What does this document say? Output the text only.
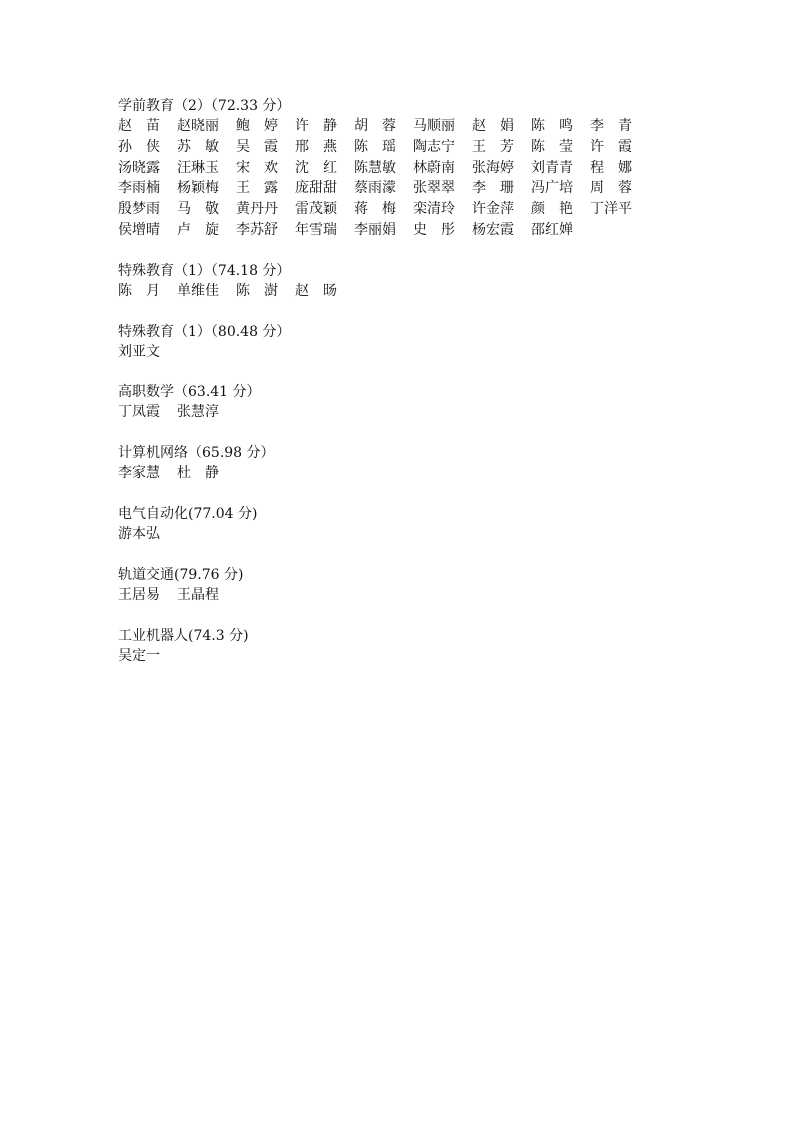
学前教育（2）（72.33 分）
赵　苗	赵晓丽	鲍　婷	许　静	胡　蓉	马顺丽	赵　娟	陈　鸣	李　青
孙　侠	苏　敏	吴　霞	邢　燕	陈　瑶	陶志宁	王　芳	陈　莹	许　霞
汤晓露	汪琳玉	宋　欢	沈　红	陈慧敏	林蔚南	张海婷	刘青青	程　娜
李雨楠	杨颖梅	王　露	庞甜甜	蔡雨濛	张翠翠	李　珊	冯广培	周　蓉
殷梦雨	马　敬	黄丹丹	雷茂颖	蒋　梅	栾清玲	许金萍	颜　艳	丁洋平
侯增晴	卢　旋	李苏舒	年雪瑞	李丽娟	史　彤	杨宏霞	邵红婵
特殊教育（1）（74.18 分）
陈　月	单维佳	陈　澍	赵　旸
特殊教育（1）（80.48 分）
刘亚文
高职数学（63.41 分）
丁凤霞	张慧淳
计算机网络（65.98 分）
李家慧	杜　静
电气自动化(77.04 分)
游本弘
轨道交通(79.76 分)
王居易	王晶程
工业机器人(74.3 分)
吴定一
